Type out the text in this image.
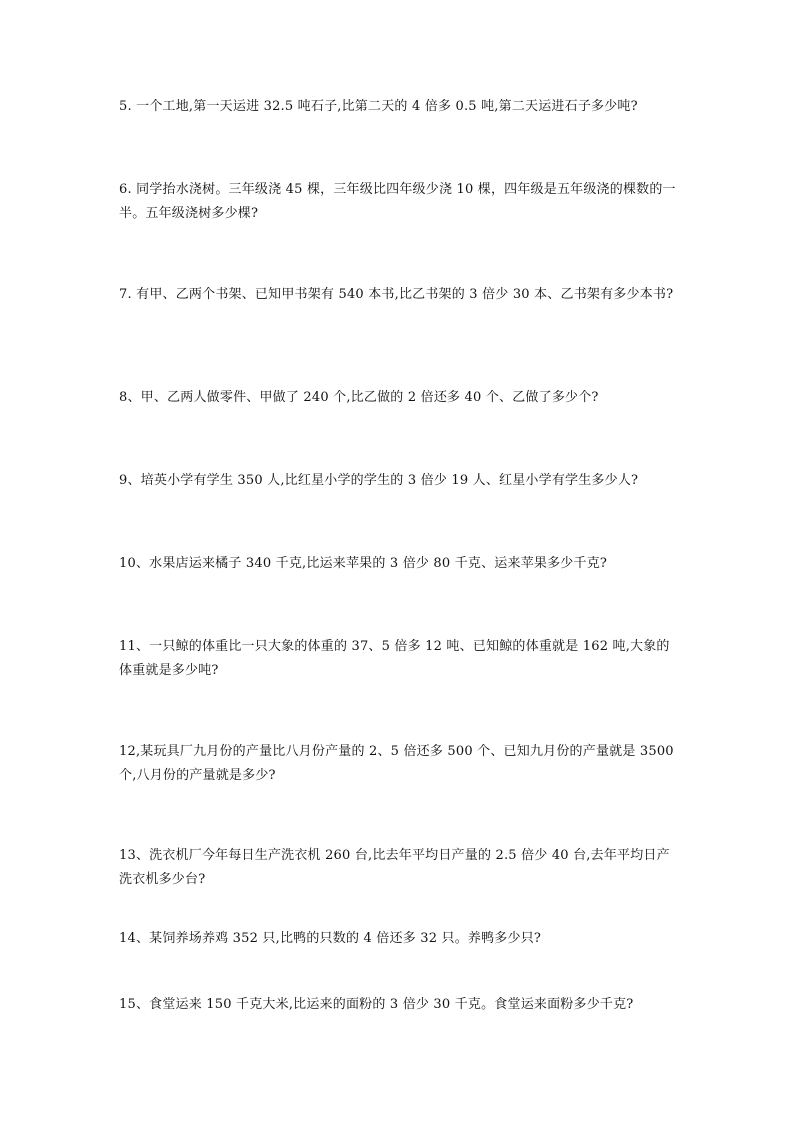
5. 一个工地,第一天运进 32.5 吨石子,比第二天的 4 倍多 0.5 吨,第二天运进石子多少吨?
6. 同学抬水浇树。三年级浇 45 棵，三年级比四年级少浇 10 棵，四年级是五年级浇的棵数的一半。五年级浇树多少棵?
7. 有甲、乙两个书架、已知甲书架有 540 本书,比乙书架的 3 倍少 30 本、乙书架有多少本书?
8、甲、乙两人做零件、甲做了 240 个,比乙做的 2 倍还多 40 个、乙做了多少个?
9、培英小学有学生 350 人,比红星小学的学生的 3 倍少 19 人、红星小学有学生多少人?
10、水果店运来橘子 340 千克,比运来苹果的 3 倍少 80 千克、运来苹果多少千克?
11、一只鲸的体重比一只大象的体重的 37、5 倍多 12 吨、已知鲸的体重就是 162 吨,大象的体重就是多少吨?
12,某玩具厂九月份的产量比八月份产量的 2、5 倍还多 500 个、已知九月份的产量就是 3500 个,八月份的产量就是多少?
13、洗衣机厂今年每日生产洗衣机 260 台,比去年平均日产量的 2.5 倍少 40 台,去年平均日产洗衣机多少台?
14、某饲养场养鸡 352 只,比鸭的只数的 4 倍还多 32 只。养鸭多少只?
15、食堂运来 150 千克大米,比运来的面粉的 3 倍少 30 千克。食堂运来面粉多少千克?
